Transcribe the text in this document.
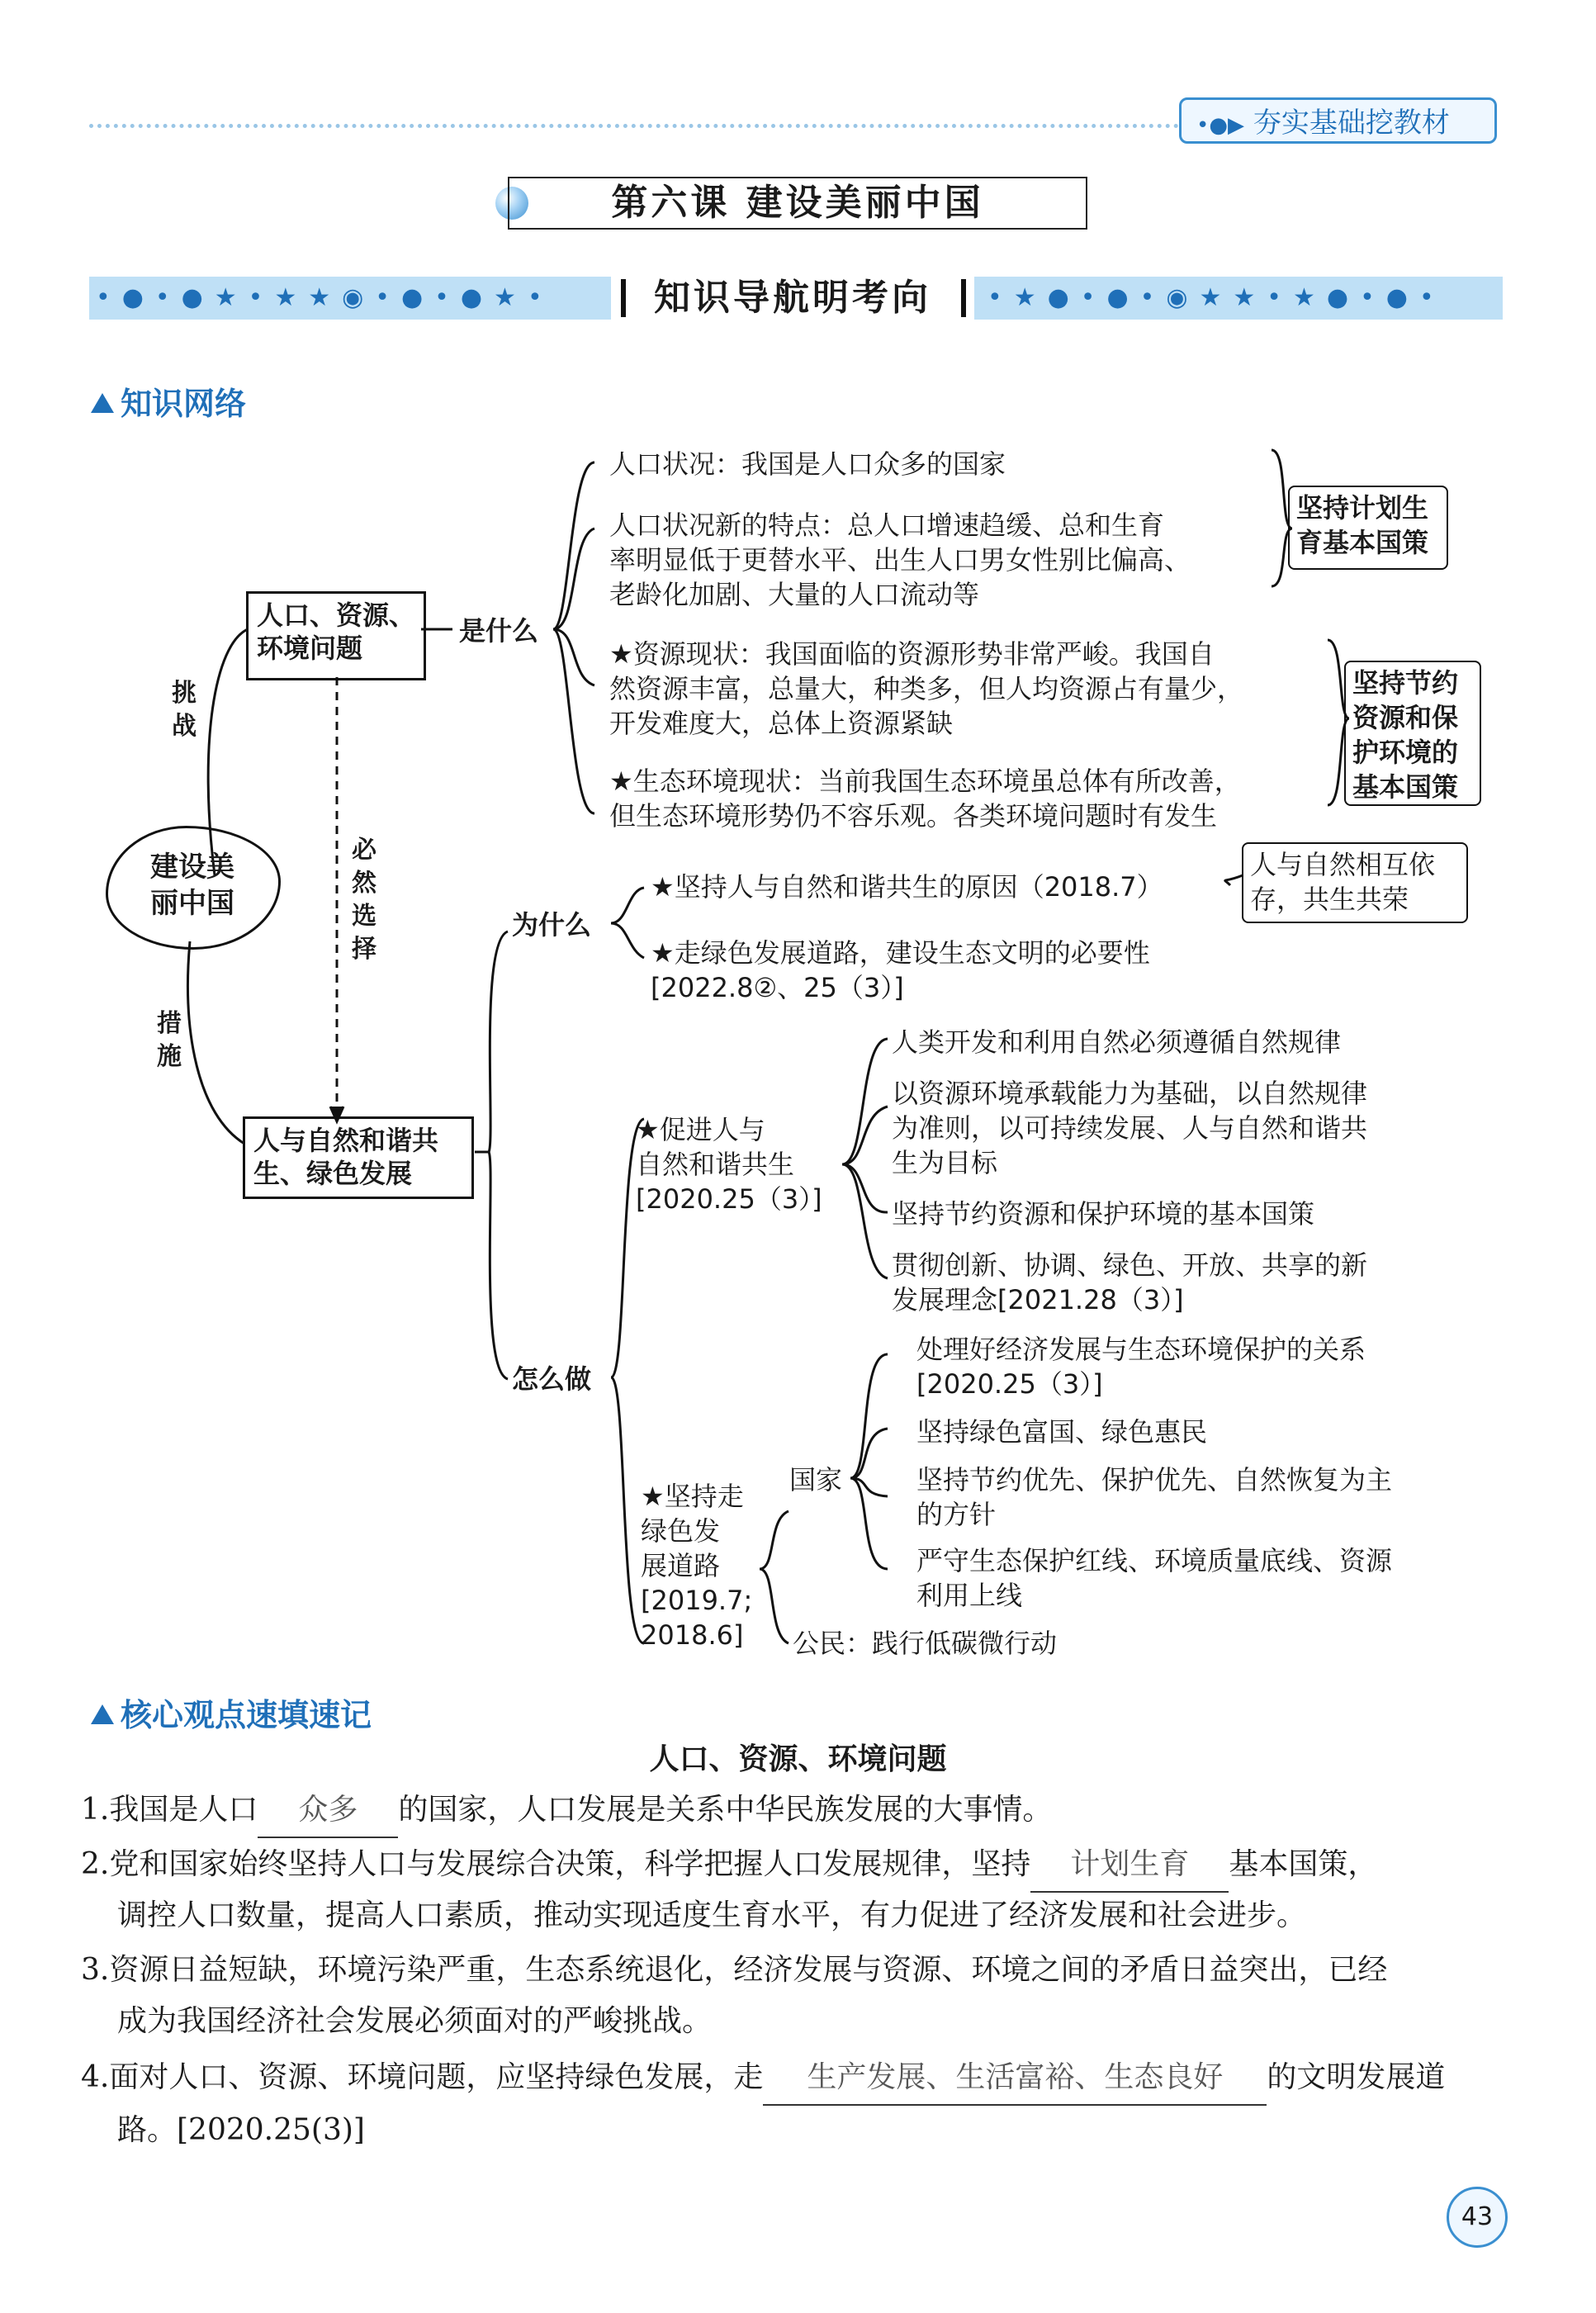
•●▶ 夯实基础挖教材
第六课 建设美丽中国
•●•●★•★★◉•●•●★•	•★●•●•◉★★•★●•●•
知识导航明考向
知识网络
建设美丽中国
挑战
措施
必然选择
人口、资源、环境问题
人与自然和谐共生、绿色发展
是什么
为什么
怎么做
人口状况：我国是人口众多的国家
人口状况新的特点：总人口增速趋缓、总和生育
率明显低于更替水平、出生人口男女性别比偏高、
老龄化加剧、大量的人口流动等
坚持计划生
育基本国策
★资源现状：我国面临的资源形势非常严峻。我国自
然资源丰富，总量大，种类多，但人均资源占有量少，
开发难度大，总体上资源紧缺
★生态环境现状：当前我国生态环境虽总体有所改善，
但生态环境形势仍不容乐观。各类环境问题时有发生
坚持节约
资源和保
护环境的
基本国策
★坚持人与自然和谐共生的原因（2018.7）
人与自然相互依
存，共生共荣
★走绿色发展道路，建设生态文明的必要性
[2022.8②、25（3）]
★促进人与
自然和谐共生
[2020.25（3）]
人类开发和利用自然必须遵循自然规律
以资源环境承载能力为基础，以自然规律
为准则，以可持续发展、人与自然和谐共
生为目标
坚持节约资源和保护环境的基本国策
贯彻创新、协调、绿色、开放、共享的新
发展理念[2021.28（3）]
★坚持走
绿色发
展道路
[2019.7;
2018.6]
国家
处理好经济发展与生态环境保护的关系
[2020.25（3）]
坚持绿色富国、绿色惠民
坚持节约优先、保护优先、自然恢复为主
的方针
严守生态保护红线、环境质量底线、资源
利用上线
公民：践行低碳微行动
核心观点速填速记
人口、资源、环境问题
1.我国是人口 众多 的国家，人口发展是关系中华民族发展的大事情。
2.党和国家始终坚持人口与发展综合决策，科学把握人口发展规律，坚持 计划生育 基本国策，
调控人口数量，提高人口素质，推动实现适度生育水平，有力促进了经济发展和社会进步。
3.资源日益短缺，环境污染严重，生态系统退化，经济发展与资源、环境之间的矛盾日益突出，已经
成为我国经济社会发展必须面对的严峻挑战。
4.面对人口、资源、环境问题，应坚持绿色发展，走 生产发展、生活富裕、生态良好 的文明发展道
路。[2020.25(3)]
43
